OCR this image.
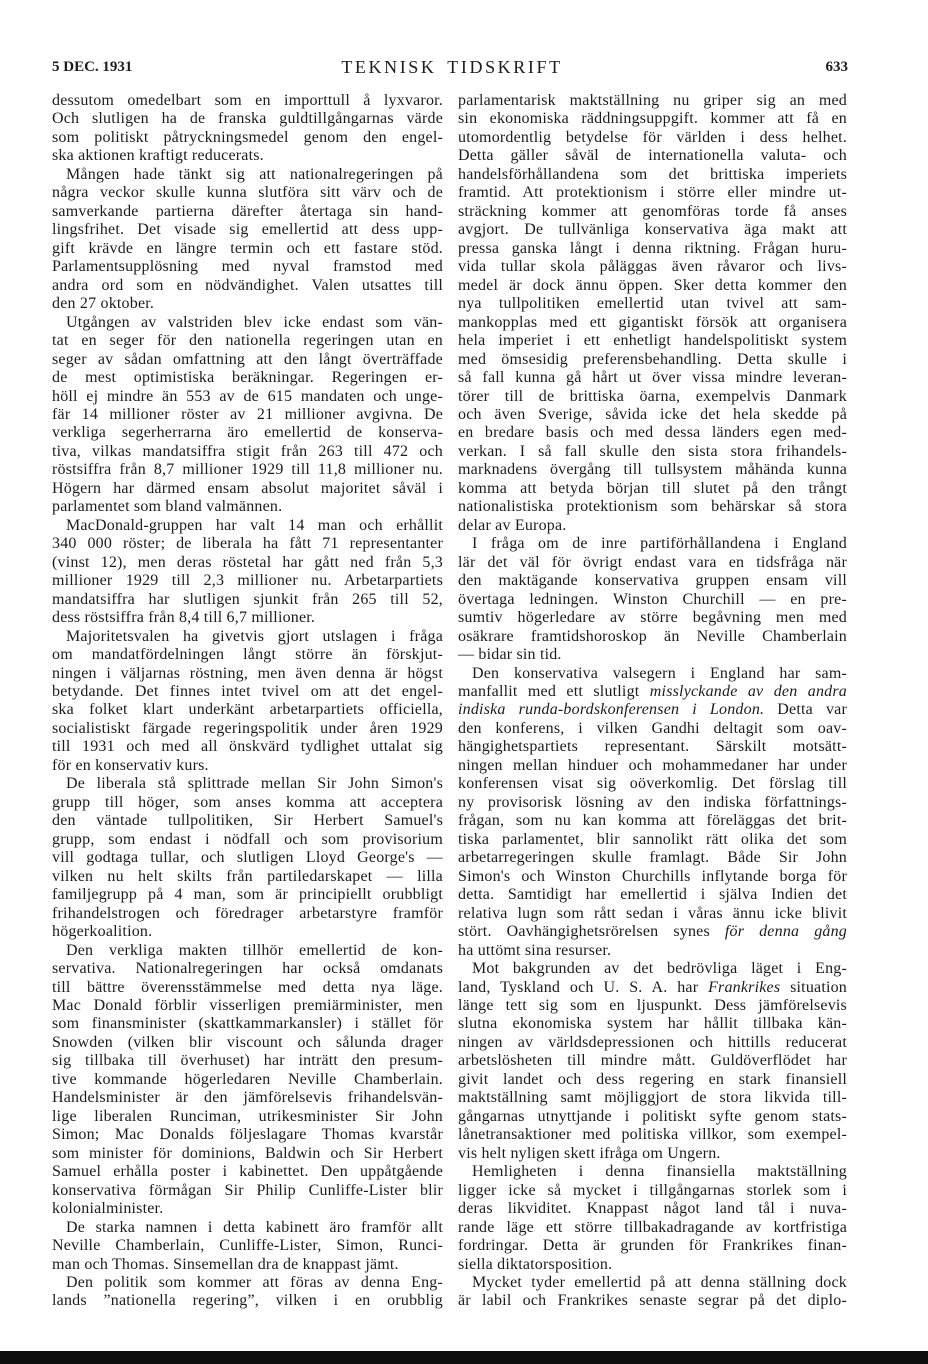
5 DEC. 1931	TEKNISK TIDSKRIFT	633
dessutom omedelbart som en importtull å lyxvaror.
Och slutligen ha de franska guldtillgångarnas värde
som politiskt påtryckningsmedel genom den engel-
ska aktionen kraftigt reducerats.
Mången hade tänkt sig att nationalregeringen på
några veckor skulle kunna slutföra sitt värv och de
samverkande partierna därefter återtaga sin hand-
lingsfrihet. Det visade sig emellertid att dess upp-
gift krävde en längre termin och ett fastare stöd.
Parlamentsupplösning med nyval framstod med
andra ord som en nödvändighet. Valen utsattes till
den 27 oktober.
Utgången av valstriden blev icke endast som vän-
tat en seger för den nationella regeringen utan en
seger av sådan omfattning att den långt överträffade
de mest optimistiska beräkningar. Regeringen er-
höll ej mindre än 553 av de 615 mandaten och unge-
fär 14 millioner röster av 21 millioner avgivna. De
verkliga segerherrarna äro emellertid de konserva-
tiva, vilkas mandatsiffra stigit från 263 till 472 och
röstsiffra från 8,7 millioner 1929 till 11,8 millioner nu.
Högern har därmed ensam absolut majoritet såväl i
parlamentet som bland valmännen.
MacDonald-gruppen har valt 14 man och erhållit
340 000 röster; de liberala ha fått 71 representanter
(vinst 12), men deras röstetal har gått ned från 5,3
millioner 1929 till 2,3 millioner nu. Arbetarpartiets
mandatsiffra har slutligen sjunkit från 265 till 52,
dess röstsiffra från 8,4 till 6,7 millioner.
Majoritetsvalen ha givetvis gjort utslagen i fråga
om mandatfördelningen långt större än förskjut-
ningen i väljarnas röstning, men även denna är högst
betydande. Det finnes intet tvivel om att det engel-
ska folket klart underkänt arbetarpartiets officiella,
socialistiskt färgade regeringspolitik under åren 1929
till 1931 och med all önskvärd tydlighet uttalat sig
för en konservativ kurs.
De liberala stå splittrade mellan Sir John Simon's
grupp till höger, som anses komma att acceptera
den väntade tullpolitiken, Sir Herbert Samuel's
grupp, som endast i nödfall och som provisorium
vill godtaga tullar, och slutligen Lloyd George's —
vilken nu helt skilts från partiledarskapet — lilla
familjegrupp på 4 man, som är principiellt orubbligt
frihandelstrogen och föredrager arbetarstyre framför
högerkoalition.
Den verkliga makten tillhör emellertid de kon-
servativa. Nationalregeringen har också omdanats
till bättre överensstämmelse med detta nya läge.
Mac Donald förblir visserligen premiärminister, men
som finansminister (skattkammarkansler) i stället för
Snowden (vilken blir viscount och sålunda drager
sig tillbaka till överhuset) har inträtt den presum-
tive kommande högerledaren Neville Chamberlain.
Handelsminister är den jämförelsevis frihandelsvän-
lige liberalen Runciman, utrikesminister Sir John
Simon; Mac Donalds följeslagare Thomas kvarstår
som minister för dominions, Baldwin och Sir Herbert
Samuel erhålla poster i kabinettet. Den uppåtgående
konservativa förmågan Sir Philip Cunliffe-Lister blir
kolonialminister.
De starka namnen i detta kabinett äro framför allt
Neville Chamberlain, Cunliffe-Lister, Simon, Runci-
man och Thomas. Sinsemellan dra de knappast jämt.
Den politik som kommer att föras av denna Eng-
lands ”nationella regering”, vilken i en orubblig
parlamentarisk maktställning nu griper sig an med
sin ekonomiska räddningsuppgift. kommer att få en
utomordentlig betydelse för världen i dess helhet.
Detta gäller såväl de internationella valuta- och
handelsförhållandena som det brittiska imperiets
framtid. Att protektionism i större eller mindre ut-
sträckning kommer att genomföras torde få anses
avgjort. De tullvänliga konservativa äga makt att
pressa ganska långt i denna riktning. Frågan huru-
vida tullar skola påläggas även råvaror och livs-
medel är dock ännu öppen. Sker detta kommer den
nya tullpolitiken emellertid utan tvivel att sam-
mankopplas med ett gigantiskt försök att organisera
hela imperiet i ett enhetligt handelspolitiskt system
med ömsesidig preferensbehandling. Detta skulle i
så fall kunna gå hårt ut över vissa mindre leveran-
törer till de brittiska öarna, exempelvis Danmark
och även Sverige, såvida icke det hela skedde på
en bredare basis och med dessa länders egen med-
verkan. I så fall skulle den sista stora frihandels-
marknadens övergång till tullsystem måhända kunna
komma att betyda början till slutet på den trångt
nationalistiska protektionism som behärskar så stora
delar av Europa.
I fråga om de inre partiförhållandena i England
lär det väl för övrigt endast vara en tidsfråga när
den maktägande konservativa gruppen ensam vill
övertaga ledningen. Winston Churchill — en pre-
sumtiv högerledare av större begåvning men med
osäkrare framtidshoroskop än Neville Chamberlain
— bidar sin tid.
Den konservativa valsegern i England har sam-
manfallit med ett slutligt misslyckande av den andra
indiska runda-bordskonferensen i London. Detta var
den konferens, i vilken Gandhi deltagit som oav-
hängighetspartiets representant. Särskilt motsätt-
ningen mellan hinduer och mohammedaner har under
konferensen visat sig oöverkomlig. Det förslag till
ny provisorisk lösning av den indiska författnings-
frågan, som nu kan komma att föreläggas det brit-
tiska parlamentet, blir sannolikt rätt olika det som
arbetarregeringen skulle framlagt. Både Sir John
Simon's och Winston Churchills inflytande borga för
detta. Samtidigt har emellertid i själva Indien det
relativa lugn som rått sedan i våras ännu icke blivit
stört. Oavhängighetsrörelsen synes för denna gång
ha uttömt sina resurser.
Mot bakgrunden av det bedrövliga läget i Eng-
land, Tyskland och U. S. A. har Frankrikes situation
länge tett sig som en ljuspunkt. Dess jämförelsevis
slutna ekonomiska system har hållit tillbaka kän-
ningen av världsdepressionen och hittills reducerat
arbetslösheten till mindre mått. Guldöverflödet har
givit landet och dess regering en stark finansiell
maktställning samt möjliggjort de stora likvida till-
gångarnas utnyttjande i politiskt syfte genom stats-
lånetransaktioner med politiska villkor, som exempel-
vis helt nyligen skett ifråga om Ungern.
Hemligheten i denna finansiella maktställning
ligger icke så mycket i tillgångarnas storlek som i
deras likviditet. Knappast något land tål i nuva-
rande läge ett större tillbakadragande av kortfristiga
fordringar. Detta är grunden för Frankrikes finan-
siella diktatorsposition.
Mycket tyder emellertid på att denna ställning dock
är labil och Frankrikes senaste segrar på det diplo-
